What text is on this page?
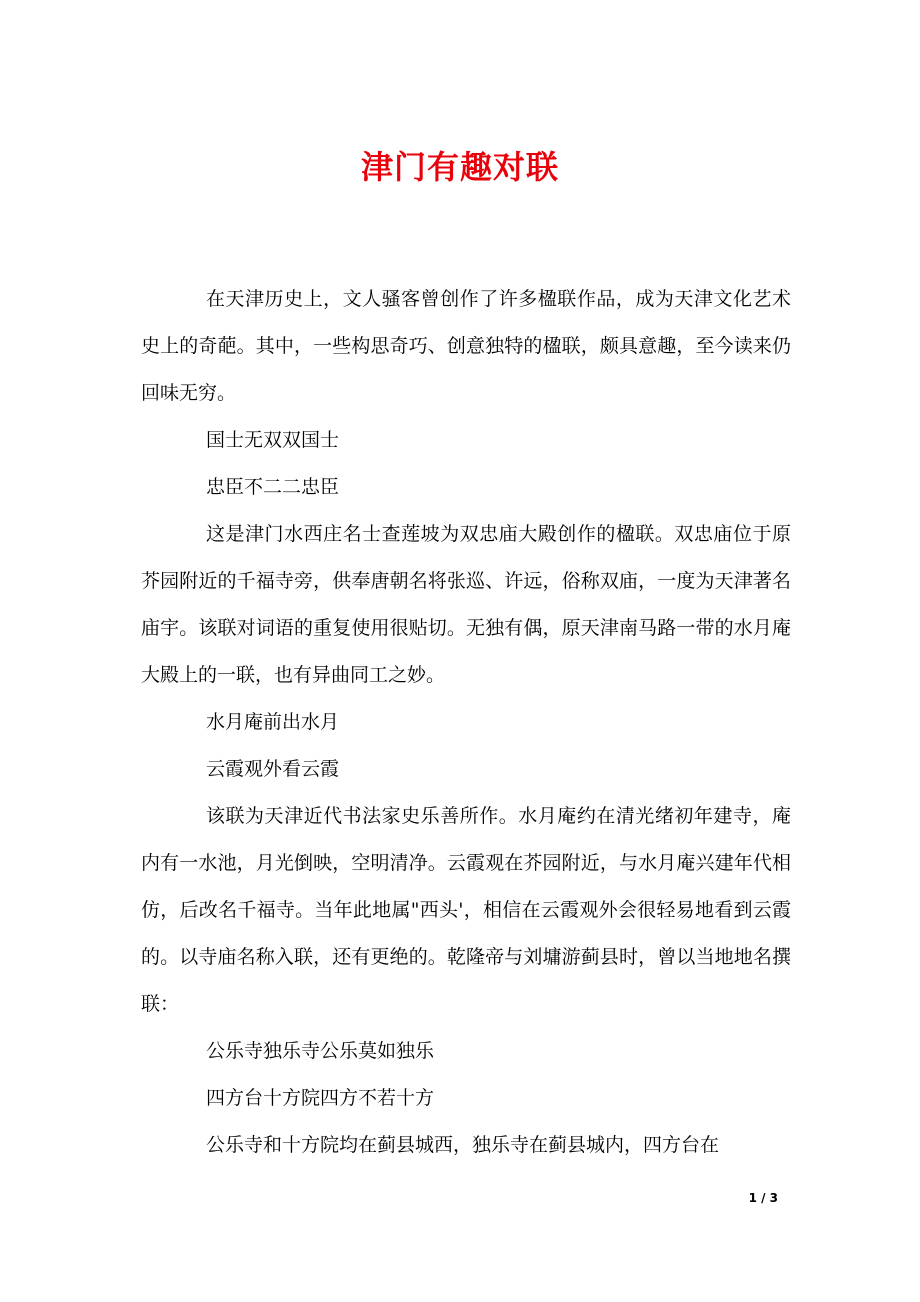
津门有趣对联

在天津历史上，文人骚客曾创作了许多楹联作品，成为天津文化艺术史上的奇葩。其中，一些构思奇巧、创意独特的楹联，颇具意趣，至今读来仍回味无穷。

国士无双双国士

忠臣不二二忠臣

这是津门水西庄名士查莲坡为双忠庙大殿创作的楹联。双忠庙位于原芥园附近的千福寺旁，供奉唐朝名将张巡、许远，俗称双庙，一度为天津著名庙宇。该联对词语的重复使用很贴切。无独有偶，原天津南马路一带的水月庵大殿上的一联，也有异曲同工之妙。

水月庵前出水月

云霞观外看云霞

该联为天津近代书法家史乐善所作。水月庵约在清光绪初年建寺，庵内有一水池，月光倒映，空明清净。云霞观在芥园附近，与水月庵兴建年代相仿，后改名千福寺。当年此地属"西头'，相信在云霞观外会很轻易地看到云霞的。以寺庙名称入联，还有更绝的。乾隆帝与刘墉游蓟县时，曾以当地地名撰联：

公乐寺独乐寺公乐莫如独乐

四方台十方院四方不若十方

公乐寺和十方院均在蓟县城西，独乐寺在蓟县城内，四方台在

1 / 3
